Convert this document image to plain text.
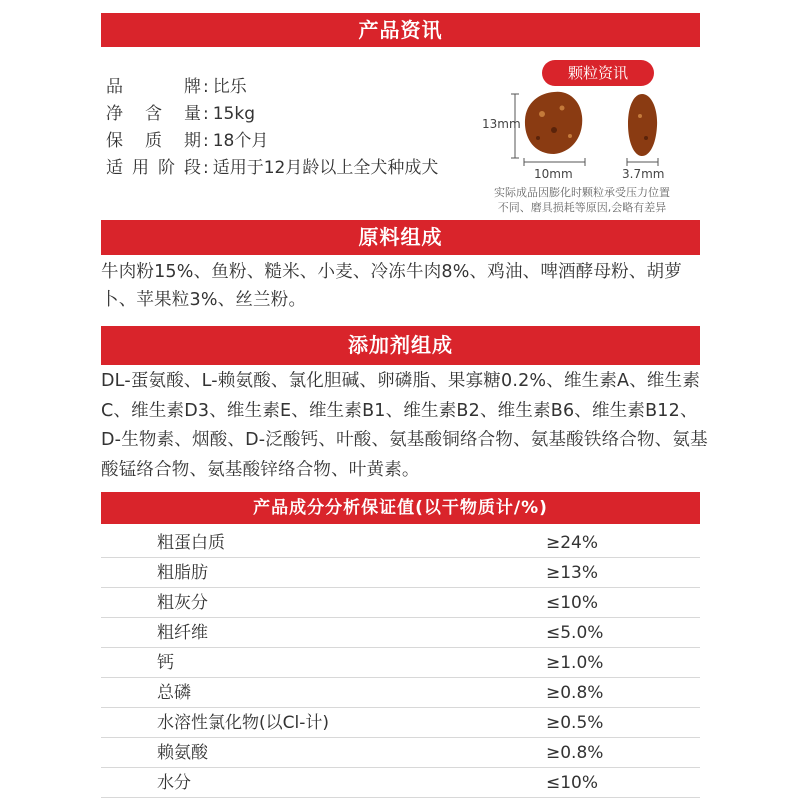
产品资讯
品牌 : 比乐
净含量 : 15kg
保质期 : 18个月
适用阶段 : 适用于12月龄以上全犬种成犬
颗粒资讯
13mm
10mm	3.7mm
实际成品因膨化时颗粒承受压力位置
不同、磨具损耗等原因,会略有差异
原料组成

牛肉粉15%、鱼粉、糙米、小麦、冷冻牛肉8%、鸡油、啤酒酵母粉、胡萝卜、苹果粒3%、丝兰粉。

添加剂组成

DL-蛋氨酸、L-赖氨酸、氯化胆碱、卵磷脂、果寡糖0.2%、维生素A、维生素C、维生素D3、维生素E、维生素B1、维生素B2、维生素B6、维生素B12、D-生物素、烟酸、D-泛酸钙、叶酸、氨基酸铜络合物、氨基酸铁络合物、氨基酸锰络合物、氨基酸锌络合物、叶黄素。

产品成分分析保证值(以干物质计/%)
粗蛋白质	≥24%
粗脂肪	≥13%
粗灰分	≤10%
粗纤维	≤5.0%
钙	≥1.0%
总磷	≥0.8%
水溶性氯化物(以Cl-计)	≥0.5%
赖氨酸	≥0.8%
水分	≤10%
